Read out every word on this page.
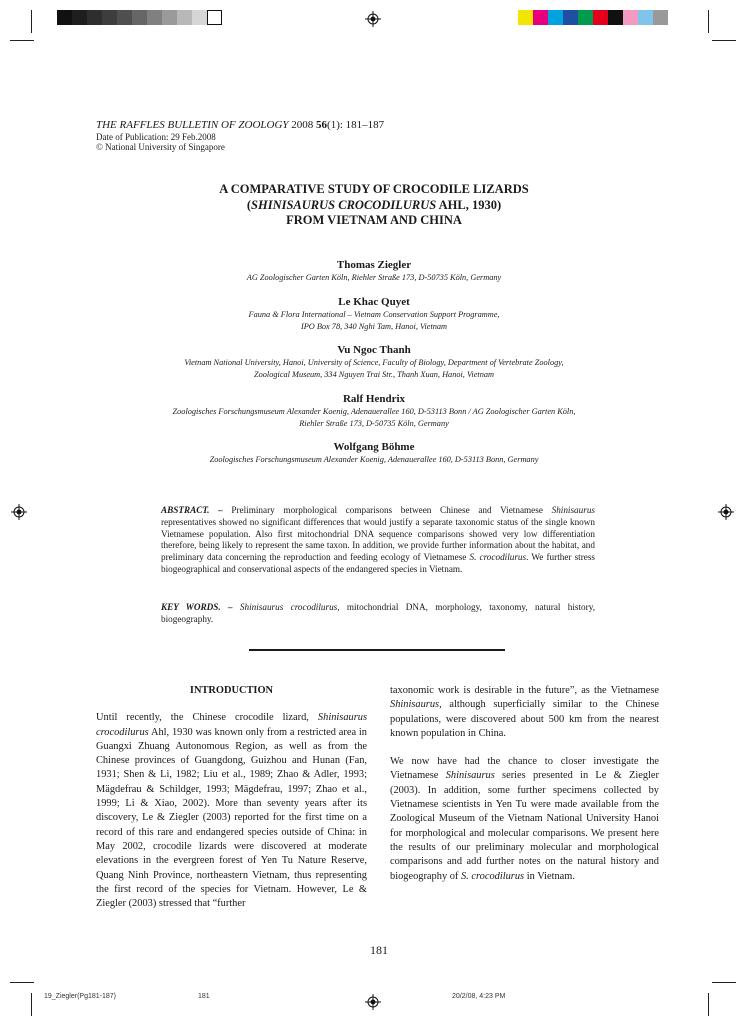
THE RAFFLES BULLETIN OF ZOOLOGY 2008 56(1): 181–187
Date of Publication: 29 Feb.2008
© National University of Singapore
A COMPARATIVE STUDY OF CROCODILE LIZARDS
(SHINISAURUS CROCODILURUS AHL, 1930)
FROM VIETNAM AND CHINA
Thomas Ziegler
AG Zoologischer Garten Köln, Riehler Straße 173, D-50735 Köln, Germany
Le Khac Quyet
Fauna & Flora International – Vietnam Conservation Support Programme,
IPO Box 78, 340 Nghi Tam, Hanoi, Vietnam
Vu Ngoc Thanh
Vietnam National University, Hanoi, University of Science, Faculty of Biology, Department of Vertebrate Zoology,
Zoological Museum, 334 Nguyen Trai Str., Thanh Xuan, Hanoi, Vietnam
Ralf Hendrix
Zoologisches Forschungsmuseum Alexander Koenig, Adenauerallee 160, D-53113 Bonn / AG Zoologischer Garten Köln,
Riehler Straße 173, D-50735 Köln, Germany
Wolfgang Böhme
Zoologisches Forschungsmuseum Alexander Koenig, Adenauerallee 160, D-53113 Bonn, Germany
ABSTRACT. – Preliminary morphological comparisons between Chinese and Vietnamese Shinisaurus representatives showed no significant differences that would justify a separate taxonomic status of the single known Vietnamese population. Also first mitochondrial DNA sequence comparisons showed very low differentiation therefore, being likely to represent the same taxon. In addition, we provide further information about the habitat, and preliminary data concerning the reproduction and feeding ecology of Vietnamese S. crocodilurus. We further stress biogeographical and conservational aspects of the endangered species in Vietnam.
KEY WORDS. – Shinisaurus crocodilurus, mitochondrial DNA, morphology, taxonomy, natural history, biogeography.
INTRODUCTION

Until recently, the Chinese crocodile lizard, Shinisaurus crocodilurus Ahl, 1930 was known only from a restricted area in Guangxi Zhuang Autonomous Region, as well as from the Chinese provinces of Guangdong, Guizhou and Hunan (Fan, 1931; Shen & Li, 1982; Liu et al., 1989; Zhao & Adler, 1993; Mägdefrau & Schildger, 1993; Mägdefrau, 1997; Zhao et al., 1999; Li & Xiao, 2002). More than seventy years after its discovery, Le & Ziegler (2003) reported for the first time on a record of this rare and endangered species outside of China: in May 2002, crocodile lizards were discovered at moderate elevations in the evergreen forest of Yen Tu Nature Reserve, Quang Ninh Province, northeastern Vietnam, thus representing the first record of the species for Vietnam. However, Le & Ziegler (2003) stressed that “further

taxonomic work is desirable in the future”, as the Vietnamese Shinisaurus, although superficially similar to the Chinese populations, were discovered about 500 km from the nearest known population in China.

We now have had the chance to closer investigate the Vietnamese Shinisaurus series presented in Le & Ziegler (2003). In addition, some further specimens collected by Vietnamese scientists in Yen Tu were made available from the Zoological Museum of the Vietnam National University Hanoi for morphological and molecular comparisons. We present here the results of our preliminary molecular and morphological comparisons and add further notes on the natural history and biogeography of S. crocodilurus in Vietnam.

181
19_Ziegler(Pg181-187)	181	20/2/08, 4:23 PM
